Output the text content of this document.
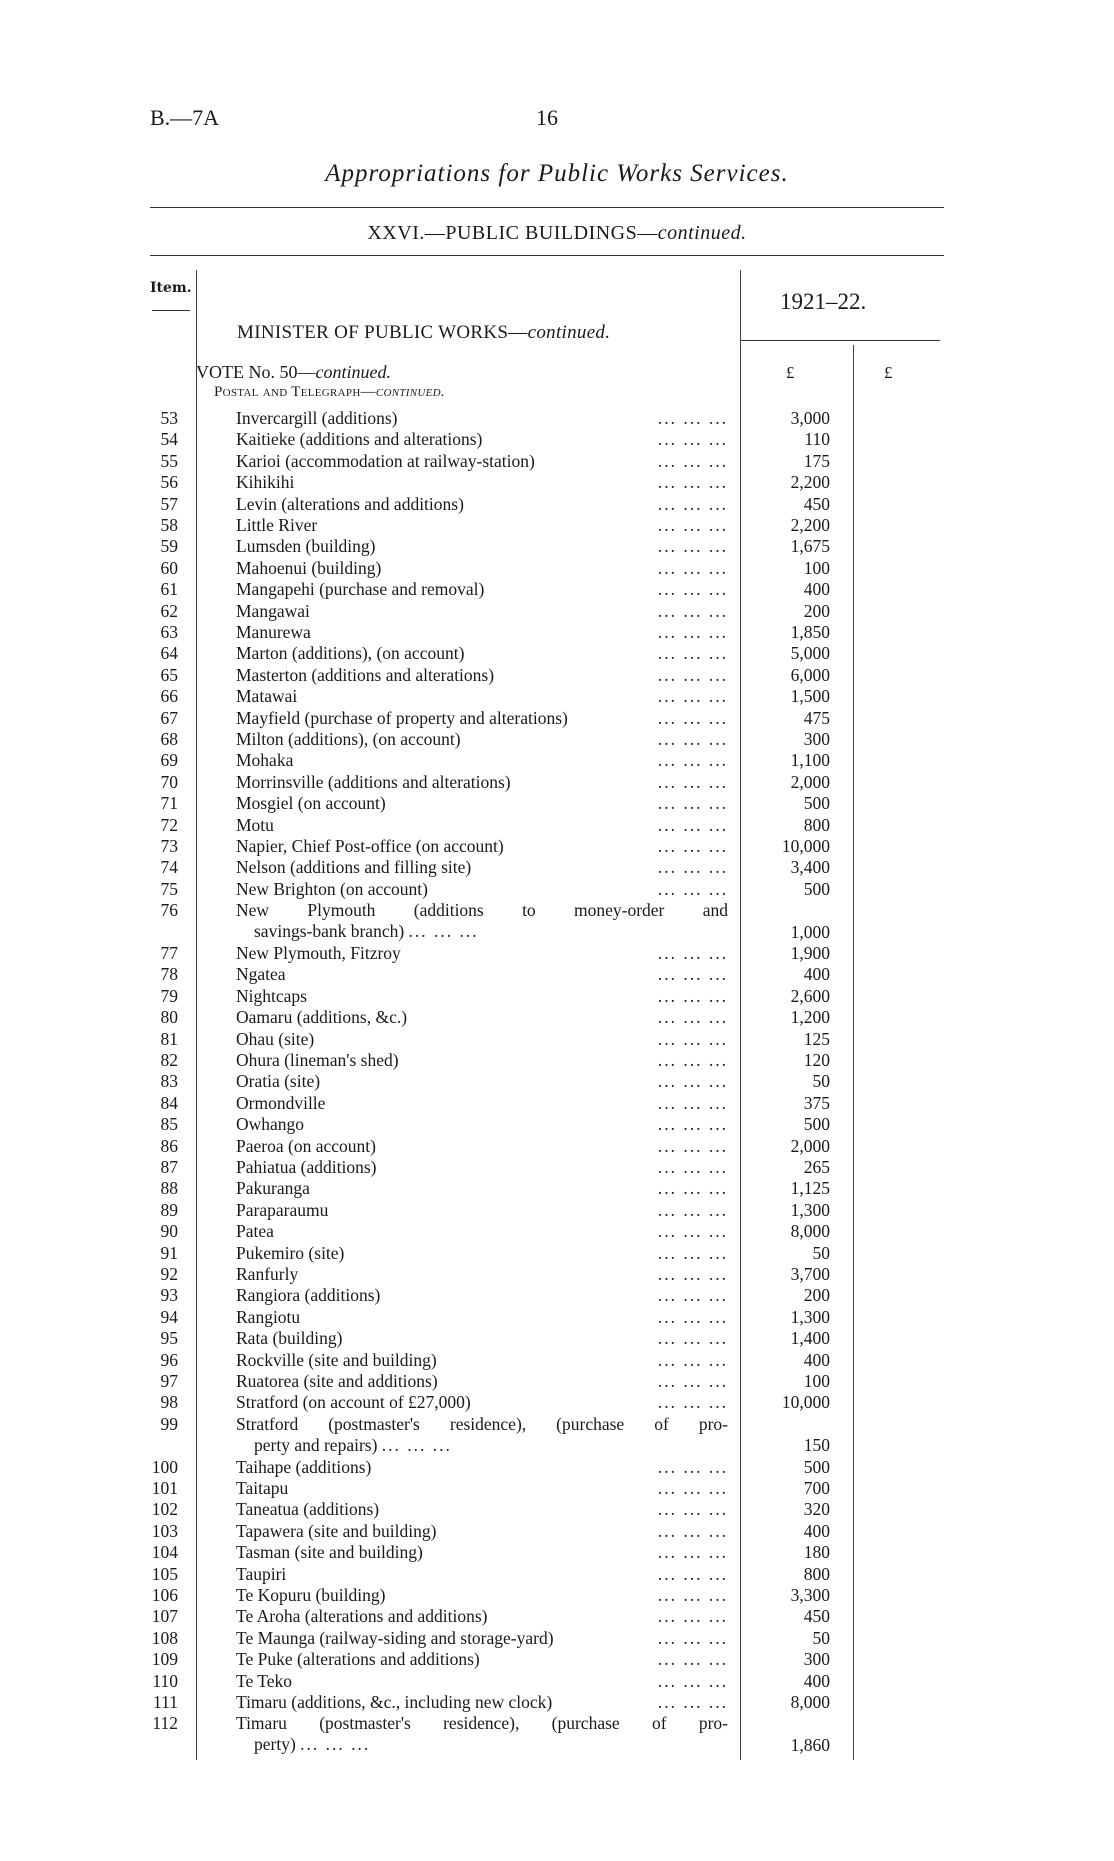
B.—7A	16
Appropriations for Public Works Services.
XXVI.—PUBLIC BUILDINGS—continued.
Item.
1921–22.
MINISTER OF PUBLIC WORKS—continued.
VOTE No. 50—continued.
Postal and Telegraph—continued.
£	£
53	Invercargill (additions)	... ... ...	3,000
54	Kaitieke (additions and alterations)	... ... ...	110
55	Karioi (accommodation at railway-station)	... ... ...	175
56	Kihikihi	... ... ...	2,200
57	Levin (alterations and additions)	... ... ...	450
58	Little River	... ... ...	2,200
59	Lumsden (building)	... ... ...	1,675
60	Mahoenui (building)	... ... ...	100
61	Mangapehi (purchase and removal)	... ... ...	400
62	Mangawai	... ... ...	200
63	Manurewa	... ... ...	1,850
64	Marton (additions), (on account)	... ... ...	5,000
65	Masterton (additions and alterations)	... ... ...	6,000
66	Matawai	... ... ...	1,500
67	Mayfield (purchase of property and alterations)	... ... ...	475
68	Milton (additions), (on account)	... ... ...	300
69	Mohaka	... ... ...	1,100
70	Morrinsville (additions and alterations)	... ... ...	2,000
71	Mosgiel (on account)	... ... ...	500
72	Motu	... ... ...	800
73	Napier, Chief Post-office (on account)	... ... ...	10,000
74	Nelson (additions and filling site)	... ... ...	3,400
75	New Brighton (on account)	... ... ...	500
76	New Plymouth (additions to money-order and
savings-bank branch) ... ... ...	1,000
77	New Plymouth, Fitzroy	... ... ...	1,900
78	Ngatea	... ... ...	400
79	Nightcaps	... ... ...	2,600
80	Oamaru (additions, &c.)	... ... ...	1,200
81	Ohau (site)	... ... ...	125
82	Ohura (lineman's shed)	... ... ...	120
83	Oratia (site)	... ... ...	50
84	Ormondville	... ... ...	375
85	Owhango	... ... ...	500
86	Paeroa (on account)	... ... ...	2,000
87	Pahiatua (additions)	... ... ...	265
88	Pakuranga	... ... ...	1,125
89	Paraparaumu	... ... ...	1,300
90	Patea	... ... ...	8,000
91	Pukemiro (site)	... ... ...	50
92	Ranfurly	... ... ...	3,700
93	Rangiora (additions)	... ... ...	200
94	Rangiotu	... ... ...	1,300
95	Rata (building)	... ... ...	1,400
96	Rockville (site and building)	... ... ...	400
97	Ruatorea (site and additions)	... ... ...	100
98	Stratford (on account of £27,000)	... ... ...	10,000
99	Stratford (postmaster's residence), (purchase of pro-
perty and repairs) ... ... ...	150
100	Taihape (additions)	... ... ...	500
101	Taitapu	... ... ...	700
102	Taneatua (additions)	... ... ...	320
103	Tapawera (site and building)	... ... ...	400
104	Tasman (site and building)	... ... ...	180
105	Taupiri	... ... ...	800
106	Te Kopuru (building)	... ... ...	3,300
107	Te Aroha (alterations and additions)	... ... ...	450
108	Te Maunga (railway-siding and storage-yard)	... ... ...	50
109	Te Puke (alterations and additions)	... ... ...	300
110	Te Teko	... ... ...	400
111	Timaru (additions, &c., including new clock)	... ... ...	8,000
112	Timaru (postmaster's residence), (purchase of pro-
perty) ... ... ...	1,860
